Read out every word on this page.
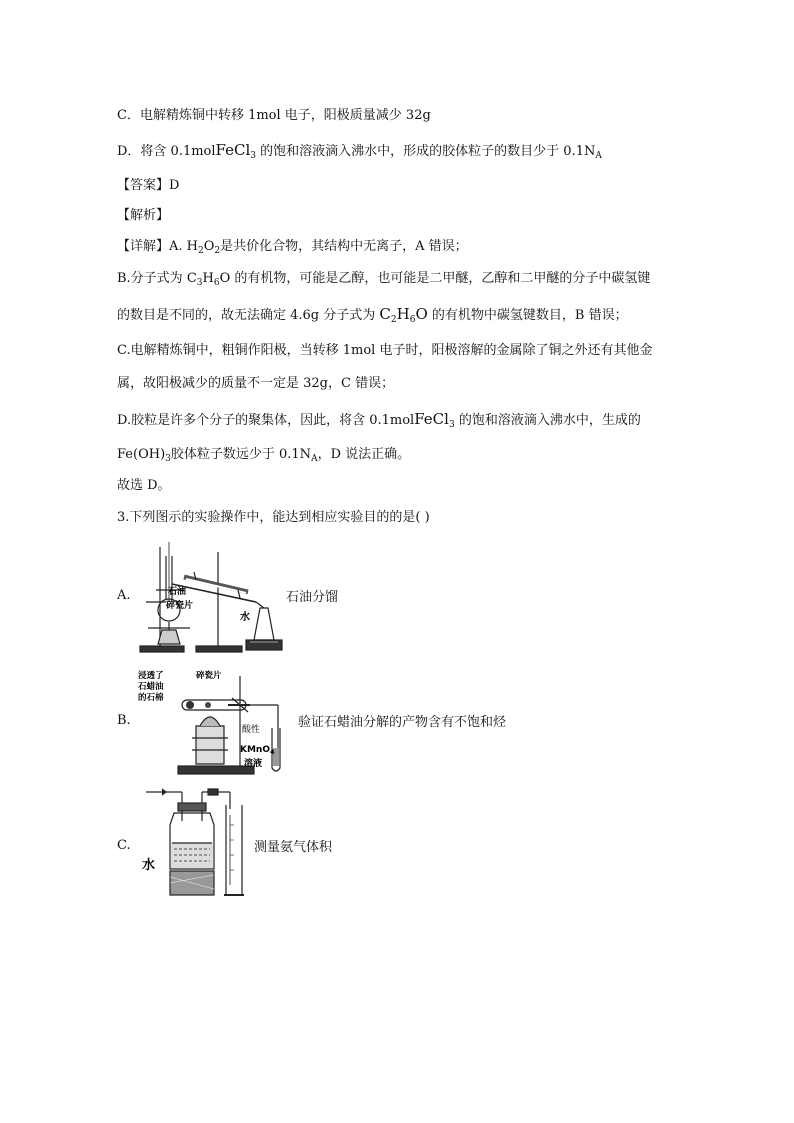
C．电解精炼铜中转移 1mol 电子，阳极质量减少 32g
D．将含 0.1molFeCl$_3$ 的饱和溶液滴入沸水中，形成的胶体粒子的数目少于 $0.1N_A$
【答案】D
【解析】
【详解】A. $H_2O_2$是共价化合物，其结构中无离子，A 错误；
B.分子式为 $C_3H_6O$ 的有机物，可能是乙醇，也可能是二甲醚，乙醇和二甲醚的分子中碳氢键
的数目是不同的，故无法确定 4.6g 分子式为 $C_2H_6O$ 的有机物中碳氢键数目，B 错误；
C.电解精炼铜中，粗铜作阳极，当转移 1mol 电子时，阳极溶解的金属除了铜之外还有其他金
属，故阳极减少的质量不一定是 32g，C 错误；
D.胶粒是许多个分子的聚集体，因此，将含 0.1molFeCl$_3$ 的饱和溶液滴入沸水中，生成的
$Fe(OH)_3$胶体粒子数远少于 $0.1N_A$，D 说法正确。
故选 D。
3.下列图示的实验操作中，能达到相应实验目的的是( )
A.	石油
碎瓷片
水
石油分馏
B.
浸透了
石蜡油
的石棉
碎瓷片
酸性
KMnO$_4$
溶液
验证石蜡油分解的产物含有不饱和烃
C.
水
测量氨气体积
